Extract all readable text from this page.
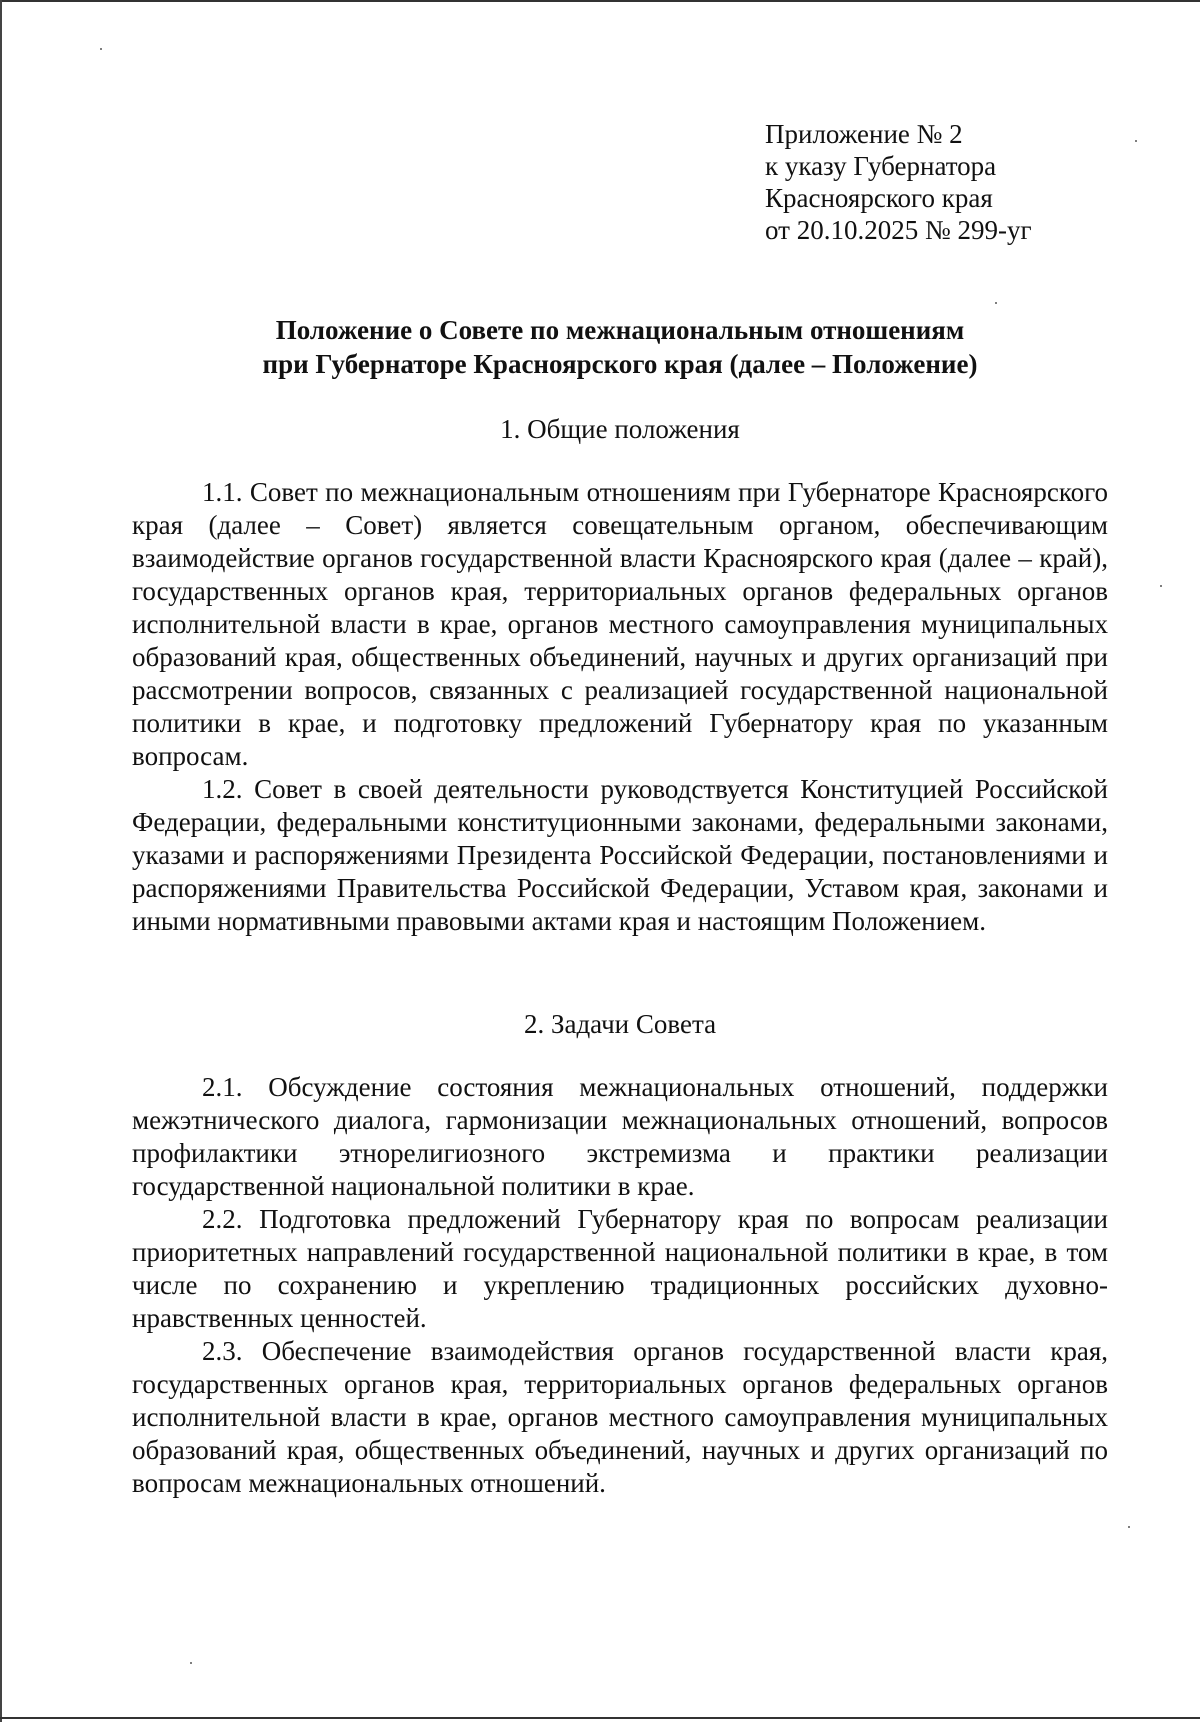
Приложение № 2
к указу Губернатора
Красноярского края
от 20.10.2025 № 299-уг
Положение о Совете по межнациональным отношениям
при Губернаторе Красноярского края (далее – Положение)
1. Общие положения

1.1. Совет по межнациональным отношениям при Губернаторе Красноярского края (далее – Совет) является совещательным органом, обеспечивающим взаимодействие органов государственной власти Красноярского края (далее – край), государственных органов края, территориальных органов федеральных органов исполнительной власти в крае, органов местного самоуправления муниципальных образований края, общественных объединений, научных и других организаций при рассмотрении вопросов, связанных с реализацией государственной национальной политики в крае, и подготовку предложений Губернатору края по указанным вопросам.

1.2. Совет в своей деятельности руководствуется Конституцией Российской Федерации, федеральными конституционными законами, федеральными законами, указами и распоряжениями Президента Российской Федерации, постановлениями и распоряжениями Правительства Российской Федерации, Уставом края, законами и иными нормативными правовыми актами края и настоящим Положением.

2. Задачи Совета

2.1. Обсуждение состояния межнациональных отношений, поддержки межэтнического диалога, гармонизации межнациональных отношений, вопросов профилактики этнорелигиозного экстремизма и практики реализации государственной национальной политики в крае.

2.2. Подготовка предложений Губернатору края по вопросам реализации приоритетных направлений государственной национальной политики в крае, в том числе по сохранению и укреплению традиционных российских духовно-нравственных ценностей.

2.3. Обеспечение взаимодействия органов государственной власти края, государственных органов края, территориальных органов федеральных органов исполнительной власти в крае, органов местного самоуправления муниципальных образований края, общественных объединений, научных и других организаций по вопросам межнациональных отношений.
